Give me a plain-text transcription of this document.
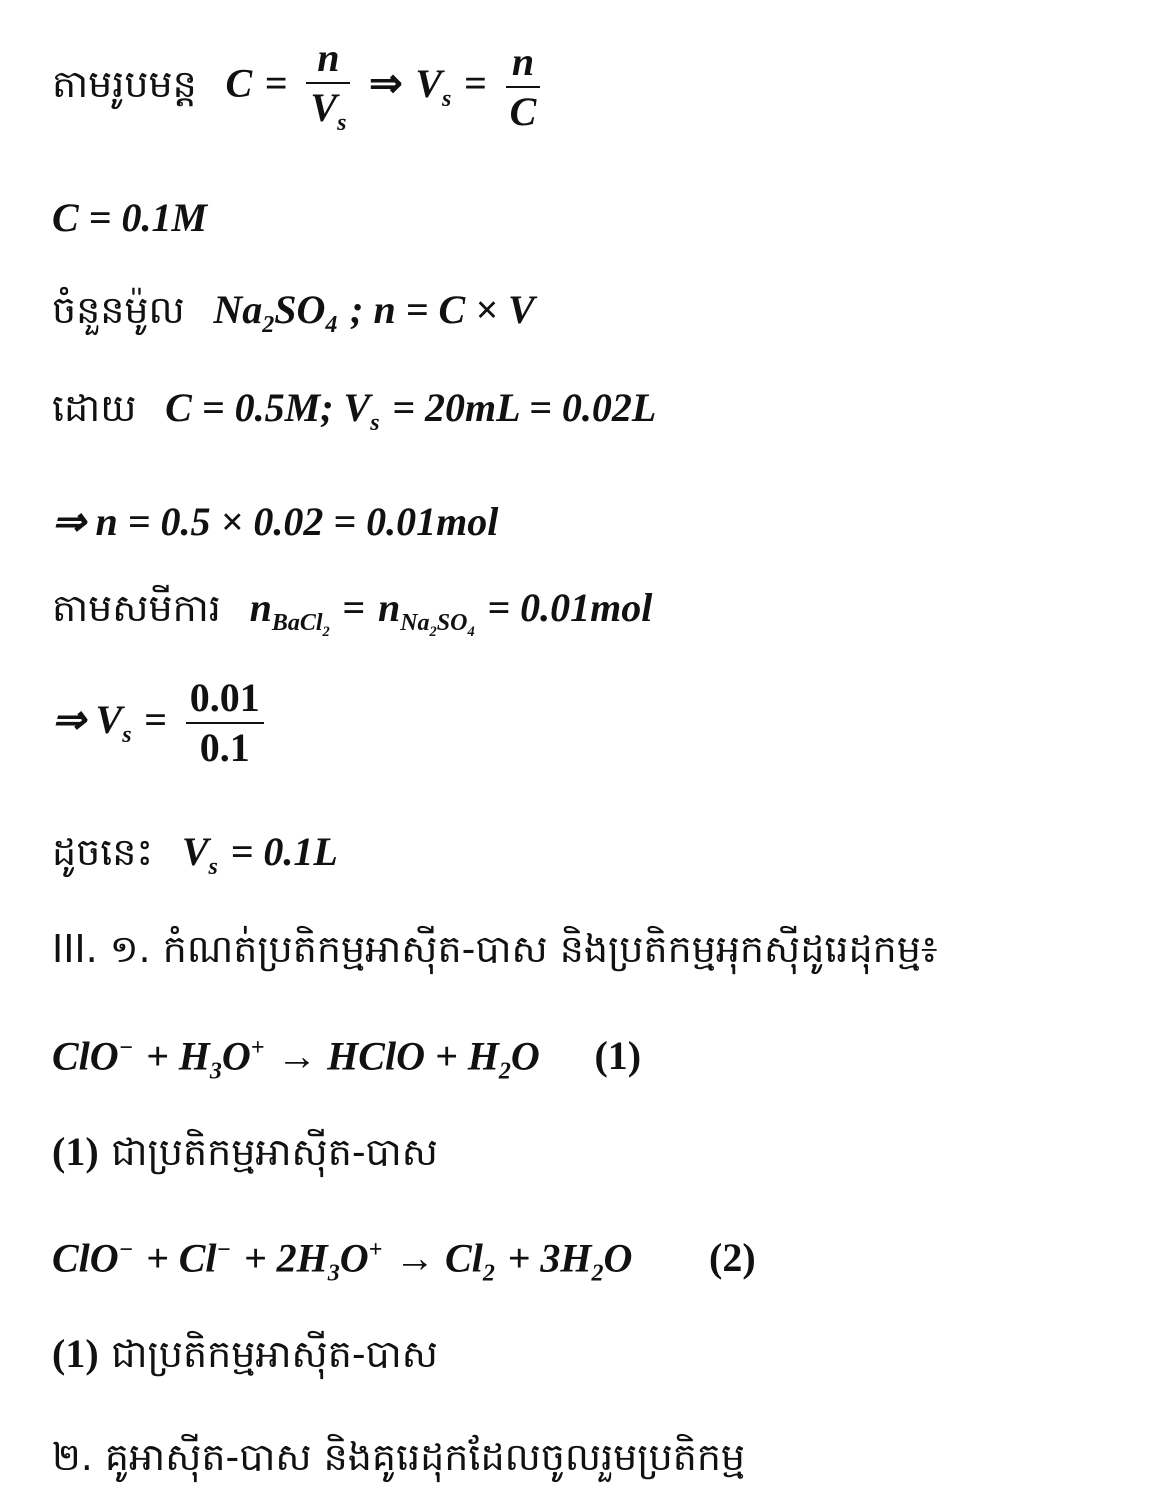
តាមរូបមន្ត $C = \frac{n}{V_s}$ ⇒ $V_s = \frac{n}{C}$
C = 0.1M
ចំនួនម៉ូល $Na_2SO_4$ ; n = C × V
ដោយ C = 0.5M; $V_s = 20mL = 0.02L$
⇒ n = 0.5 × 0.02 = 0.01mol
តាមសមីការ $n_{BaCl_2} = n_{Na_2SO_4} = 0.01mol$
⇒ $V_s = \frac{0.01}{0.1}$
ដូចនេះ $V_s = 0.1L$
III. ១. កំណត់ប្រតិកម្មអាស៊ីត-បាស និងប្រតិកម្មអុកស៊ីដូរេដុកម្ម៖
$ClO^- + H_3O^+$ → HClO + $H_2O$ (1)
(1) ជាប្រតិកម្មអាស៊ីត-បាស
$ClO^- + Cl^- + 2H_3O^+ \to Cl_2 + 3H_2O$ (2)
(1) ជាប្រតិកម្មអាស៊ីត-បាស
២. គូអាស៊ីត-បាស និងគូរេដុកដែលចូលរួមប្រតិកម្ម
